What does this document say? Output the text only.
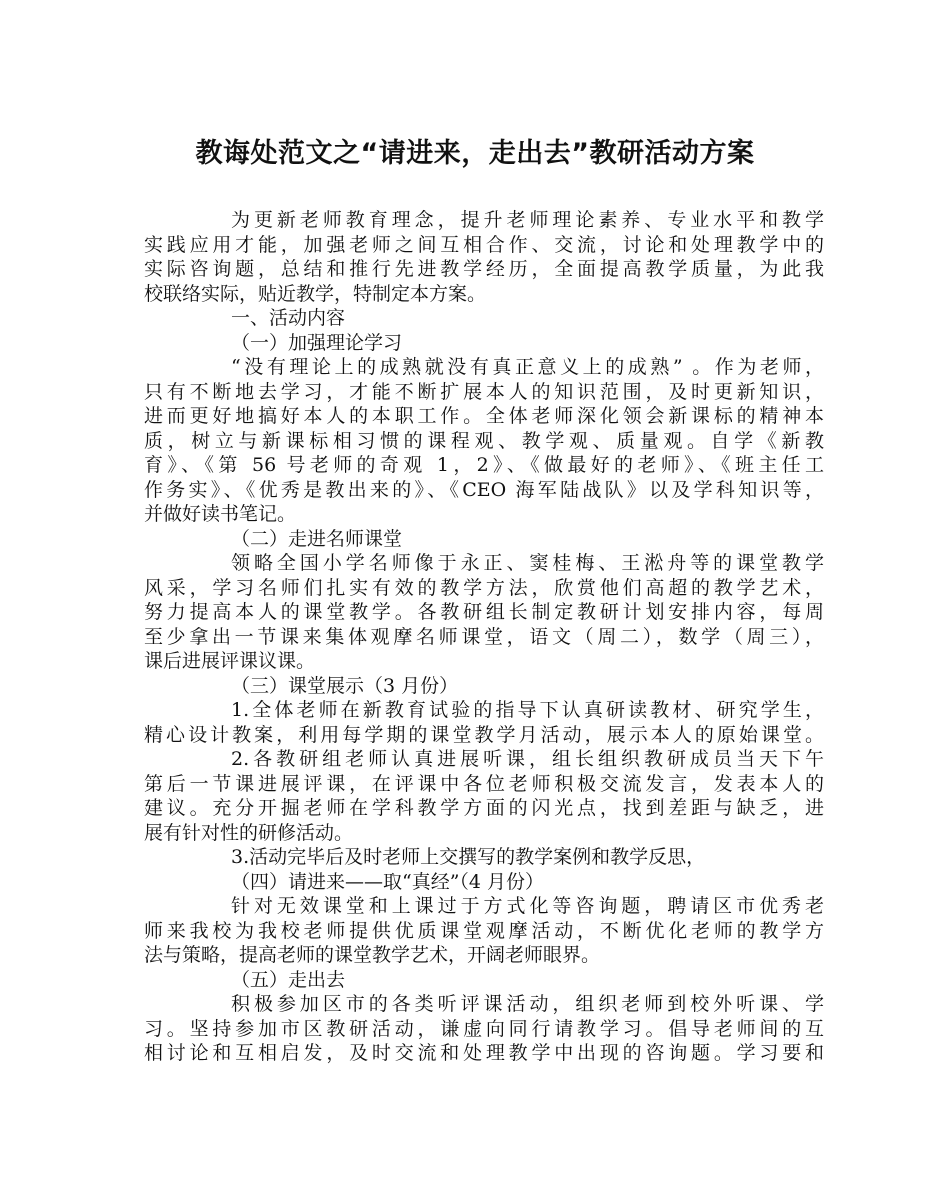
教诲处范文之“请进来，走出去”教研活动方案
为更新老师教育理念，提升老师理论素养、专业水平和教学
实践应用才能，加强老师之间互相合作、交流，讨论和处理教学中的
实际咨询题，总结和推行先进教学经历，全面提高教学质量，为此我
校联络实际，贴近教学，特制定本方案。
一、活动内容
（一）加强理论学习
“没有理论上的成熟就没有真正意义上的成熟” 。作为老师，
只有不断地去学习，才能不断扩展本人的知识范围，及时更新知识，
进而更好地搞好本人的本职工作。全体老师深化领会新课标的精神本
质，树立与新课标相习惯的课程观、教学观、质量观。自学《新教
育》、《第 56 号老师的奇观 1，2》、《做最好的老师》、《班主任工
作务实》、《优秀是教出来的》、《CEO 海军陆战队》以及学科知识等，
并做好读书笔记。
（二）走进名师课堂
领略全国小学名师像于永正、窦桂梅、王淞舟等的课堂教学
风采，学习名师们扎实有效的教学方法，欣赏他们高超的教学艺术，
努力提高本人的课堂教学。各教研组长制定教研计划安排内容，每周
至少拿出一节课来集体观摩名师课堂，语文（周二），数学（周三），
课后进展评课议课。
（三）课堂展示（3 月份）
1.全体老师在新教育试验的指导下认真研读教材、研究学生，
精心设计教案，利用每学期的课堂教学月活动，展示本人的原始课堂。
2.各教研组老师认真进展听课，组长组织教研成员当天下午
第后一节课进展评课，在评课中各位老师积极交流发言，发表本人的
建议。充分开掘老师在学科教学方面的闪光点，找到差距与缺乏，进
展有针对性的研修活动。
3.活动完毕后及时老师上交撰写的教学案例和教学反思，
（四）请进来——取“真经”（4 月份）
针对无效课堂和上课过于方式化等咨询题，聘请区市优秀老
师来我校为我校老师提供优质课堂观摩活动，不断优化老师的教学方
法与策略，提高老师的课堂教学艺术，开阔老师眼界。
（五）走出去
积极参加区市的各类听评课活动，组织老师到校外听课、学
习。坚持参加市区教研活动，谦虚向同行请教学习。倡导老师间的互
相讨论和互相启发，及时交流和处理教学中出现的咨询题。学习要和
